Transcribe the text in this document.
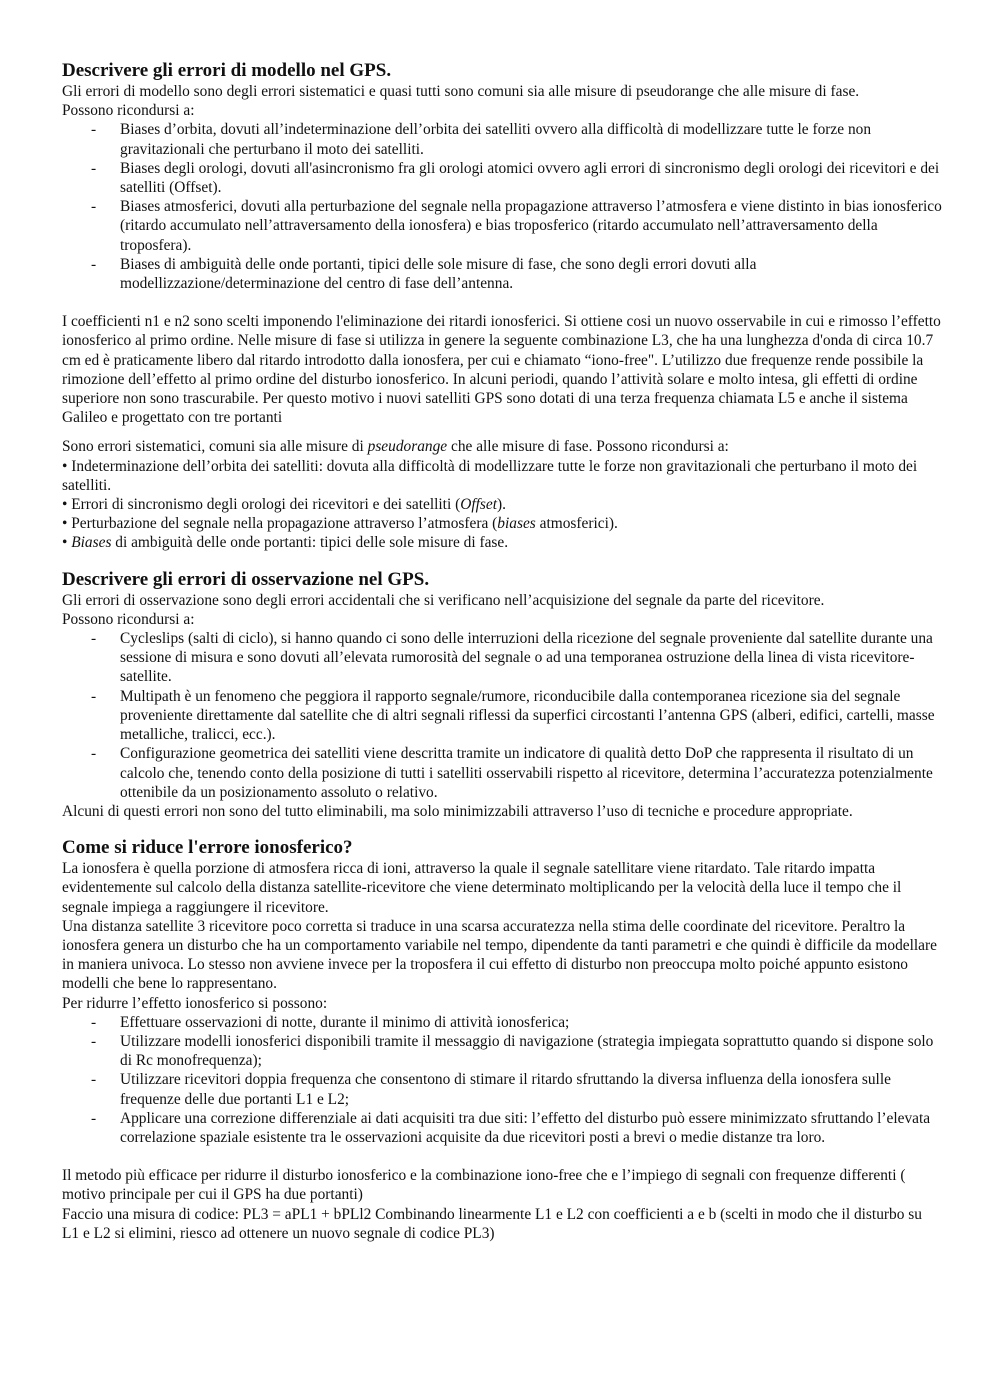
Descrivere gli errori di modello nel GPS.

Gli errori di modello sono degli errori sistematici e quasi tutti sono comuni sia alle misure di pseudorange che alle misure di fase.

Possono ricondursi a:

- Biases d’orbita, dovuti all’indeterminazione dell’orbita dei satelliti ovvero alla difficoltà di modellizzare tutte le forze non gravitazionali che perturbano il moto dei satelliti.
- Biases degli orologi, dovuti all'asincronismo fra gli orologi atomici ovvero agli errori di sincronismo degli orologi dei ricevitori e dei satelliti (Offset).
- Biases atmosferici, dovuti alla perturbazione del segnale nella propagazione attraverso l’atmosfera e viene distinto in bias ionosferico (ritardo accumulato nell’attraversamento della ionosfera) e bias troposferico (ritardo accumulato nell’attraversamento della troposfera).
- Biases di ambiguità delle onde portanti, tipici delle sole misure di fase, che sono degli errori dovuti alla modellizzazione/determinazione del centro di fase dell’antenna.

I coefficienti n1 e n2 sono scelti imponendo l'eliminazione dei ritardi ionosferici. Si ottiene cosi un nuovo osservabile in cui e rimosso l’effetto ionosferico al primo ordine. Nelle misure di fase si utilizza in genere la seguente combinazione L3, che ha una lunghezza d'onda di circa 10.7 cm ed è praticamente libero dal ritardo introdotto dalla ionosfera, per cui e chiamato “iono-free". L’utilizzo due frequenze rende possibile la rimozione dell’effetto al primo ordine del disturbo ionosferico. In alcuni periodi, quando l’attività solare e molto intesa, gli effetti di ordine superiore non sono trascurabile. Per questo motivo i nuovi satelliti GPS sono dotati di una terza frequenza chiamata L5 e anche il sistema Galileo e progettato con tre portanti

Sono errori sistematici, comuni sia alle misure di pseudorange che alle misure di fase. Possono ricondursi a:

• Indeterminazione dell’orbita dei satelliti: dovuta alla difficoltà di modellizzare tutte le forze non gravitazionali che perturbano il moto dei satelliti.
• Errori di sincronismo degli orologi dei ricevitori e dei satelliti (Offset).
• Perturbazione del segnale nella propagazione attraverso l’atmosfera (biases atmosferici).
• Biases di ambiguità delle onde portanti: tipici delle sole misure di fase.
Descrivere gli errori di osservazione nel GPS.

Gli errori di osservazione sono degli errori accidentali che si verificano nell’acquisizione del segnale da parte del ricevitore.

Possono ricondursi a:

- Cycleslips (salti di ciclo), si hanno quando ci sono delle interruzioni della ricezione del segnale proveniente dal satellite durante una sessione di misura e sono dovuti all’elevata rumorosità del segnale o ad una temporanea ostruzione della linea di vista ricevitore-satellite.
- Multipath è un fenomeno che peggiora il rapporto segnale/rumore, riconducibile dalla contemporanea ricezione sia del segnale proveniente direttamente dal satellite che di altri segnali riflessi da superfici circostanti l’antenna GPS (alberi, edifici, cartelli, masse metalliche, tralicci, ecc.).
- Configurazione geometrica dei satelliti viene descritta tramite un indicatore di qualità detto DoP che rappresenta il risultato di un calcolo che, tenendo conto della posizione di tutti i satelliti osservabili rispetto al ricevitore, determina l’accuratezza potenzialmente ottenibile da un posizionamento assoluto o relativo.

Alcuni di questi errori non sono del tutto eliminabili, ma solo minimizzabili attraverso l’uso di tecniche e procedure appropriate.

Come si riduce l'errore ionosferico?

La ionosfera è quella porzione di atmosfera ricca di ioni, attraverso la quale il segnale satellitare viene ritardato. Tale ritardo impatta evidentemente sul calcolo della distanza satellite-ricevitore che viene determinato moltiplicando per la velocità della luce il tempo che il segnale impiega a raggiungere il ricevitore.

Una distanza satellite 3 ricevitore poco corretta si traduce in una scarsa accuratezza nella stima delle coordinate del ricevitore. Peraltro la ionosfera genera un disturbo che ha un comportamento variabile nel tempo, dipendente da tanti parametri e che quindi è difficile da modellare in maniera univoca. Lo stesso non avviene invece per la troposfera il cui effetto di disturbo non preoccupa molto poiché appunto esistono modelli che bene lo rappresentano.

Per ridurre l’effetto ionosferico si possono:

- Effettuare osservazioni di notte, durante il minimo di attività ionosferica;
- Utilizzare modelli ionosferici disponibili tramite il messaggio di navigazione (strategia impiegata soprattutto quando si dispone solo di Rc monofrequenza);
- Utilizzare ricevitori doppia frequenza che consentono di stimare il ritardo sfruttando la diversa influenza della ionosfera sulle frequenze delle due portanti L1 e L2;
- Applicare una correzione differenziale ai dati acquisiti tra due siti: l’effetto del disturbo può essere minimizzato sfruttando l’elevata correlazione spaziale esistente tra le osservazioni acquisite da due ricevitori posti a brevi o medie distanze tra loro.

Il metodo più efficace per ridurre il disturbo ionosferico e la combinazione iono-free che e l’impiego di segnali con frequenze differenti ( motivo principale per cui il GPS ha due portanti)

Faccio una misura di codice: PL3 = aPL1 + bPLl2 Combinando linearmente L1 e L2 con coefficienti a e b (scelti in modo che il disturbo su L1 e L2 si elimini, riesco ad ottenere un nuovo segnale di codice PL3)
